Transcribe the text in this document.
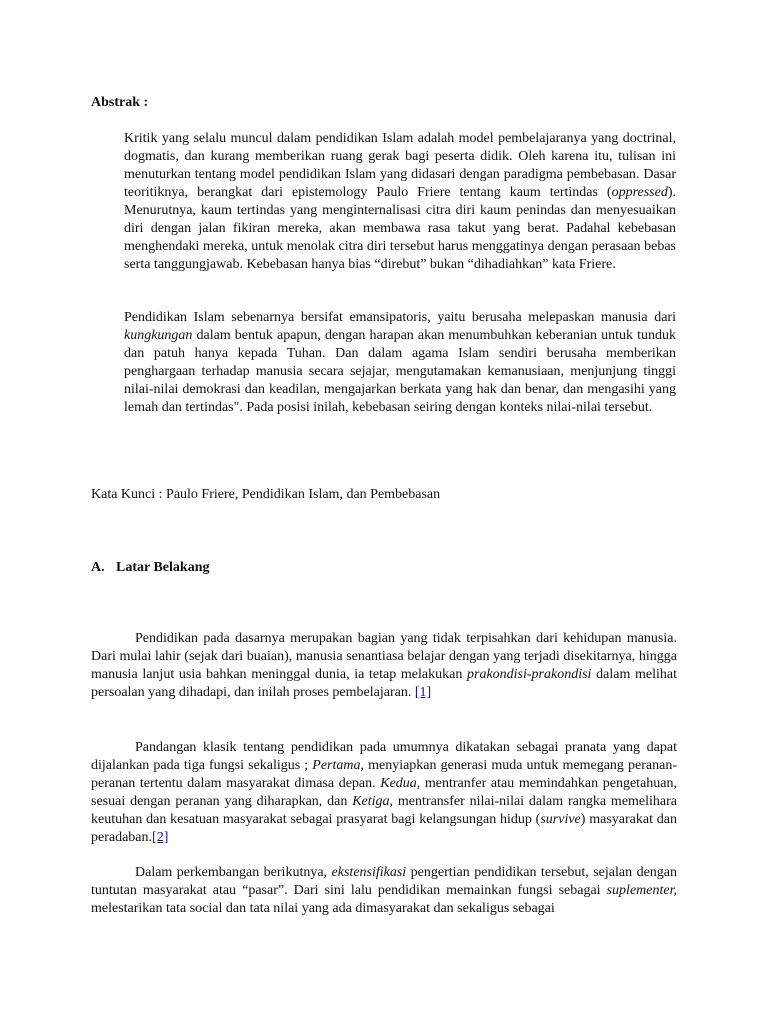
Abstrak :

Kritik yang selalu muncul dalam pendidikan Islam adalah model pembelajaranya yang doctrinal, dogmatis, dan kurang memberikan ruang gerak bagi peserta didik. Oleh karena itu, tulisan ini menuturkan tentang model pendidikan Islam yang didasari dengan paradigma pembebasan. Dasar teoritiknya, berangkat dari epistemology Paulo Friere tentang kaum tertindas (oppressed). Menurutnya, kaum tertindas yang menginternalisasi citra diri kaum penindas dan menyesuaikan diri dengan jalan fikiran mereka, akan membawa rasa takut yang berat. Padahal kebebasan menghendaki mereka, untuk menolak citra diri tersebut harus menggatinya dengan perasaan bebas serta tanggungjawab. Kebebasan hanya bias “direbut” bukan “dihadiahkan” kata Friere.

Pendidikan Islam sebenarnya bersifat emansipatoris, yaitu berusaha melepaskan manusia dari kungkungan dalam bentuk apapun, dengan harapan akan menumbuhkan keberanian untuk tunduk dan patuh hanya kepada Tuhan. Dan dalam agama Islam sendiri berusaha memberikan penghargaan terhadap manusia secara sejajar, mengutamakan kemanusiaan, menjunjung tinggi nilai-nilai demokrasi dan keadilan, mengajarkan berkata yang hak dan benar, dan mengasihi yang lemah dan tertindas". Pada posisi inilah, kebebasan seiring dengan konteks nilai-nilai tersebut.

Kata Kunci : Paulo Friere, Pendidikan Islam, dan Pembebasan

A. Latar Belakang

Pendidikan pada dasarnya merupakan bagian yang tidak terpisahkan dari kehidupan manusia. Dari mulai lahir (sejak dari buaian), manusia senantiasa belajar dengan yang terjadi disekitarnya, hingga manusia lanjut usia bahkan meninggal dunia, ia tetap melakukan prakondisi-prakondisi dalam melihat persoalan yang dihadapi, dan inilah proses pembelajaran. [1]

Pandangan klasik tentang pendidikan pada umumnya dikatakan sebagai pranata yang dapat dijalankan pada tiga fungsi sekaligus ; Pertama, menyiapkan generasi muda untuk memegang peranan-peranan tertentu dalam masyarakat dimasa depan. Kedua, mentranfer atau memindahkan pengetahuan, sesuai dengan peranan yang diharapkan, dan Ketiga, mentransfer nilai-nilai dalam rangka memelihara keutuhan dan kesatuan masyarakat sebagai prasyarat bagi kelangsungan hidup (survive) masyarakat dan peradaban.[2]

Dalam perkembangan berikutnya, ekstensifikasi pengertian pendidikan tersebut, sejalan dengan tuntutan masyarakat atau “pasar”. Dari sini lalu pendidikan memainkan fungsi sebagai suplementer, melestarikan tata social dan tata nilai yang ada dimasyarakat dan sekaligus sebagai
